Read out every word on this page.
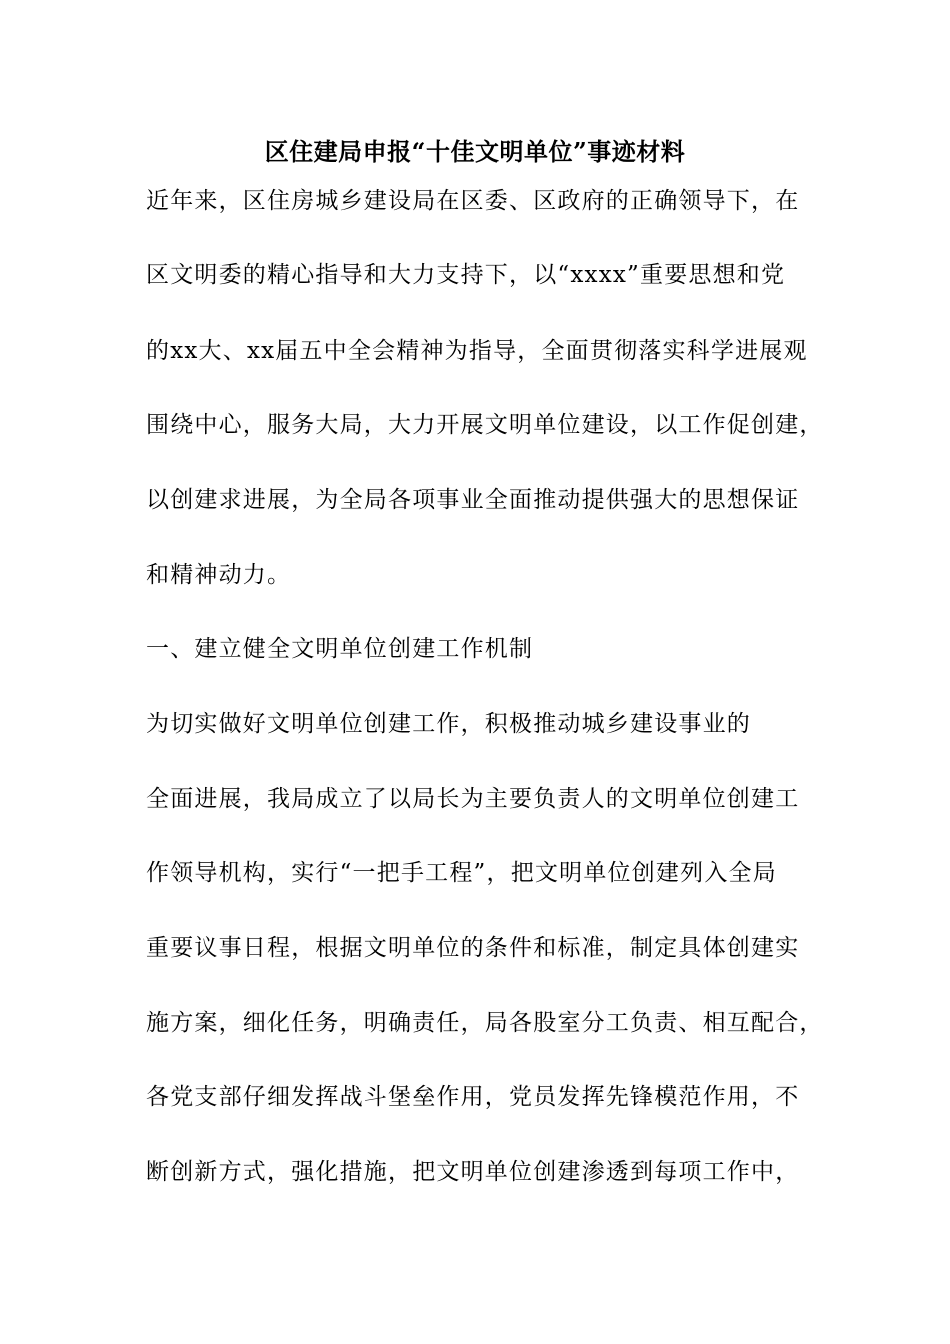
区住建局申报“十佳文明单位”事迹材料
近年来，区住房城乡建设局在区委、区政府的正确领导下，在
区文明委的精心指导和大力支持下，以“xxxx”重要思想和党
的xx大、xx届五中全会精神为指导，全面贯彻落实科学进展观
围绕中心，服务大局，大力开展文明单位建设，以工作促创建，
以创建求进展，为全局各项事业全面推动提供强大的思想保证
和精神动力。
一、建立健全文明单位创建工作机制
为切实做好文明单位创建工作，积极推动城乡建设事业的
全面进展，我局成立了以局长为主要负责人的文明单位创建工
作领导机构，实行“一把手工程”，把文明单位创建列入全局
重要议事日程，根据文明单位的条件和标准，制定具体创建实
施方案，细化任务，明确责任，局各股室分工负责、相互配合，
各党支部仔细发挥战斗堡垒作用，党员发挥先锋模范作用，不
断创新方式，强化措施，把文明单位创建渗透到每项工作中，
